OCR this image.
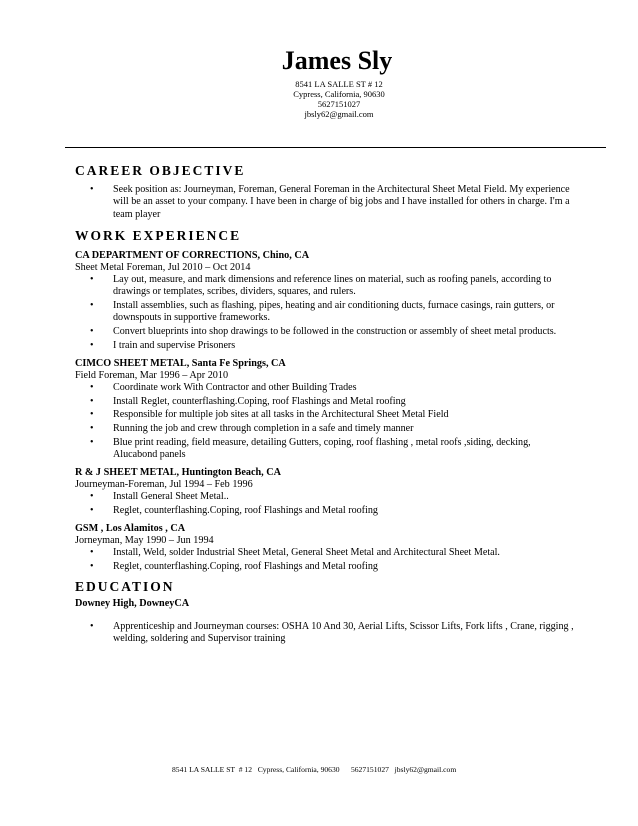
James Sly
8541 LA SALLE ST # 12
Cypress, California, 90630
5627151027
jbsly62@gmail.com
CAREER OBJECTIVE
• Seek position as: Journeyman, Foreman, General Foreman in the Architectural Sheet Metal Field. My experience will be an asset to your company. I have been in charge of big jobs and I have installed for others in charge. I'm a team player
WORK EXPERIENCE
CA DEPARTMENT OF CORRECTIONS, Chino, CA
Sheet Metal Foreman, Jul 2010 – Oct 2014
• Lay out, measure, and mark dimensions and reference lines on material, such as roofing panels, according to drawings or templates, scribes, dividers, squares, and rulers.
• Install assemblies, such as flashing, pipes, heating and air conditioning ducts, furnace casings, rain gutters, or downspouts in supportive frameworks.
• Convert blueprints into shop drawings to be followed in the construction or assembly of sheet metal products.
• I train and supervise Prisoners
CIMCO SHEET METAL, Santa Fe Springs, CA
Field Foreman, Mar 1996 – Apr 2010
• Coordinate work With Contractor and other Building Trades
• Install Reglet, counterflashing.Coping, roof Flashings and Metal roofing
• Responsible for multiple job sites at all tasks in the Architectural Sheet Metal Field
• Running the job and crew through completion in a safe and timely manner
• Blue print reading, field measure, detailing Gutters, coping, roof flashing , metal roofs ,siding, decking, Alucabond panels
R & J SHEET METAL, Huntington Beach, CA
Journeyman-Foreman, Jul 1994 – Feb 1996
• Install General Sheet Metal..
• Reglet, counterflashing.Coping, roof Flashings and Metal roofing
GSM , Los Alamitos , CA
Jorneyman, May 1990 – Jun 1994
• Install, Weld, solder Industrial Sheet Metal, General Sheet Metal and Architectural Sheet Metal.
• Reglet, counterflashing.Coping, roof Flashings and Metal roofing
EDUCATION
Downey High, DowneyCA
• Apprenticeship and Journeyman courses: OSHA 10 And 30, Aerial Lifts, Scissor Lifts, Fork lifts , Crane, rigging , welding, soldering and Supervisor training
8541 LA SALLE ST  # 12   Cypress, California, 90630      5627151027   jbsly62@gmail.com
